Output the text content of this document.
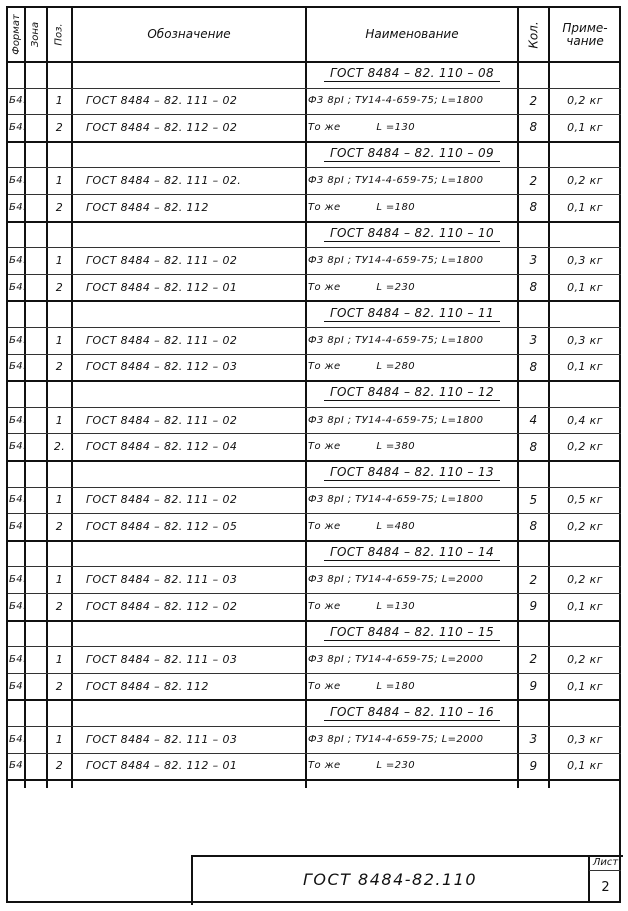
Формат Зона Поз.	Обозначение	Наименование	Кол. Приме-
чание
ГОСТ 8484 – 82. 110 – 08
Б4.	1	ГОСТ 8484 – 82. 111 – 02	Ф3 8рI ; ТУ14-4-659-75; L=1800	2	0,2 кг
Б4.	2	ГОСТ 8484 – 82. 112 – 02	То же          L =130	8	0,1 кг
ГОСТ 8484 – 82. 110 – 09
Б4.	1	ГОСТ 8484 – 82. 111 – 02.	Ф3 8рI ; ТУ14-4-659-75; L=1800	2	0,2 кг
Б4.	2	ГОСТ 8484 – 82. 112	То же          L =180	8	0,1 кг
ГОСТ 8484 – 82. 110 – 10
Б4.	1	ГОСТ 8484 – 82. 111 – 02	Ф3 8рI ; ТУ14-4-659-75; L=1800	3	0,3 кг
Б4.	2	ГОСТ 8484 – 82. 112 – 01	То же          L =230	8	0,1 кг
ГОСТ 8484 – 82. 110 – 11
Б4.	1	ГОСТ 8484 – 82. 111 – 02	Ф3 8рI ; ТУ14-4-659-75; L=1800	3	0,3 кг
Б4.	2	ГОСТ 8484 – 82. 112 – 03	То же          L =280	8	0,1 кг
ГОСТ 8484 – 82. 110 – 12
Б4.	1	ГОСТ 8484 – 82. 111 – 02	Ф3 8рI ; ТУ14-4-659-75; L=1800	4	0,4 кг
Б4.	2.	ГОСТ 8484 – 82. 112 – 04	То же          L =380	8	0,2 кг
ГОСТ 8484 – 82. 110 – 13
Б4.	1	ГОСТ 8484 – 82. 111 – 02	Ф3 8рI ; ТУ14-4-659-75; L=1800	5	0,5 кг
Б4	2	ГОСТ 8484 – 82. 112 – 05	То же          L =480	8	0,2 кг
ГОСТ 8484 – 82. 110 – 14
Б4.	1	ГОСТ 8484 – 82. 111 – 03	Ф3 8рI ; ТУ14-4-659-75; L=2000	2	0,2 кг
Б4.	2	ГОСТ 8484 – 82. 112 – 02	То же          L =130	9	0,1 кг
ГОСТ 8484 – 82. 110 – 15
Б4.	1	ГОСТ 8484 – 82. 111 – 03	Ф3 8рI ; ТУ14-4-659-75; L=2000	2	0,2 кг
Б4	2	ГОСТ 8484 – 82. 112	То же          L =180	9	0,1 кг
ГОСТ 8484 – 82. 110 – 16
Б4.	1	ГОСТ 8484 – 82. 111 – 03	Ф3 8рI ; ТУ14-4-659-75; L=2000	3	0,3 кг
Б4	2	ГОСТ 8484 – 82. 112 – 01	То же          L =230	9	0,1 кг
ГОСТ 8484-82.110
Лист
2
